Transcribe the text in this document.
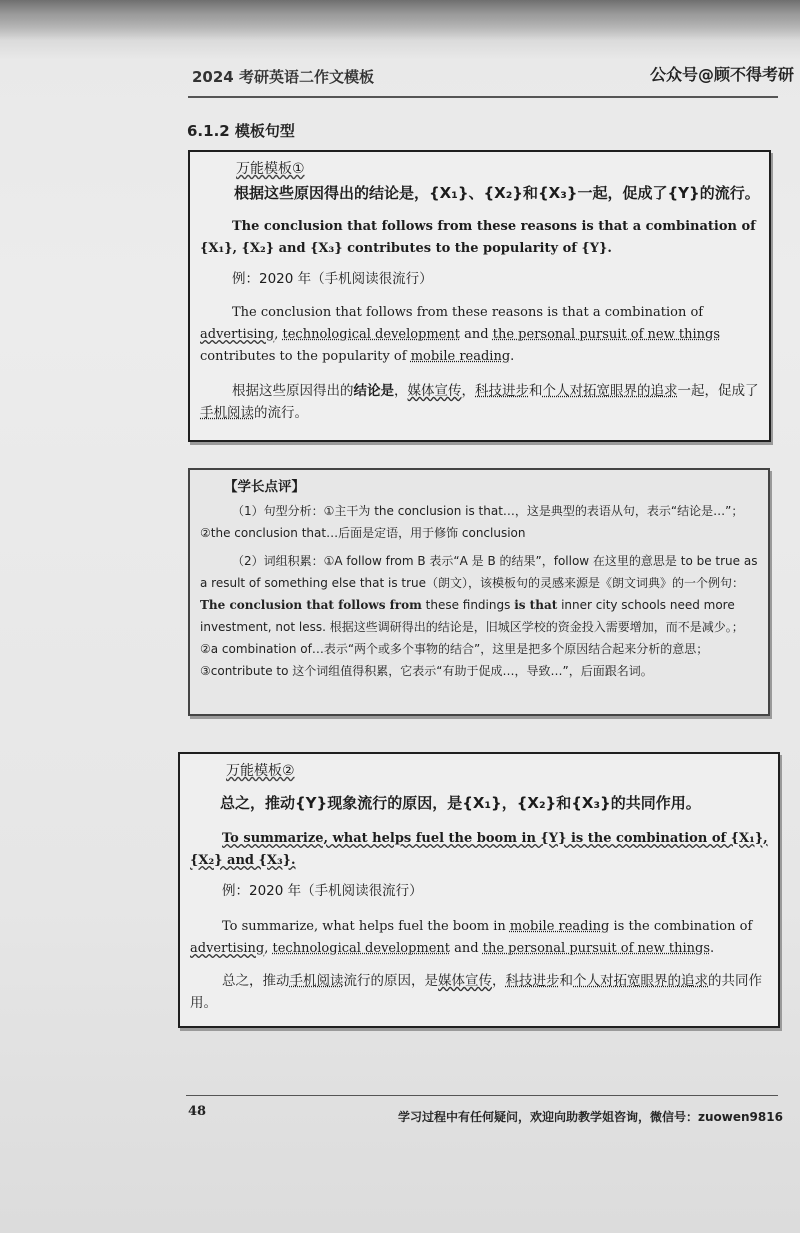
2024 考研英语二作文模板	公众号@顾不得考研
6.1.2 模板句型
万能模板①
根据这些原因得出的结论是，{X₁}、{X₂}和{X₃}一起，促成了{Y}的流行。
The conclusion that follows from these reasons is that a combination of {X₁}, {X₂} and {X₃} contributes to the popularity of {Y}.
例：2020 年（手机阅读很流行）
The conclusion that follows from these reasons is that a combination of advertising, technological development and the personal pursuit of new things contributes to the popularity of mobile reading.
根据这些原因得出的结论是，媒体宣传，科技进步和个人对拓宽眼界的追求一起，促成了手机阅读的流行。
【学长点评】
（1）句型分析：①主干为 the conclusion is that…，这是典型的表语从句，表示“结论是…”；②the conclusion that…后面是定语，用于修饰 conclusion
（2）词组积累：①A follow from B 表示“A 是 B 的结果”，follow 在这里的意思是 to be true as a result of something else that is true（朗文），该模板句的灵感来源是《朗文词典》的一个例句：The conclusion that follows from these findings is that inner city schools need more investment, not less. 根据这些调研得出的结论是，旧城区学校的资金投入需要增加，而不是减少。；②a combination of…表示“两个或多个事物的结合”，这里是把多个原因结合起来分析的意思；③contribute to 这个词组值得积累，它表示“有助于促成…，导致…”，后面跟名词。
万能模板②
总之，推动{Y}现象流行的原因，是{X₁}，{X₂}和{X₃}的共同作用。
To summarize, what helps fuel the boom in {Y} is the combination of {X₁}, {X₂} and {X₃}.
例：2020 年（手机阅读很流行）
To summarize, what helps fuel the boom in mobile reading is the combination of advertising, technological development and the personal pursuit of new things.
总之，推动手机阅读流行的原因，是媒体宣传，科技进步和个人对拓宽眼界的追求的共同作用。
48	学习过程中有任何疑问，欢迎向助教学姐咨询，微信号：zuowen9816
